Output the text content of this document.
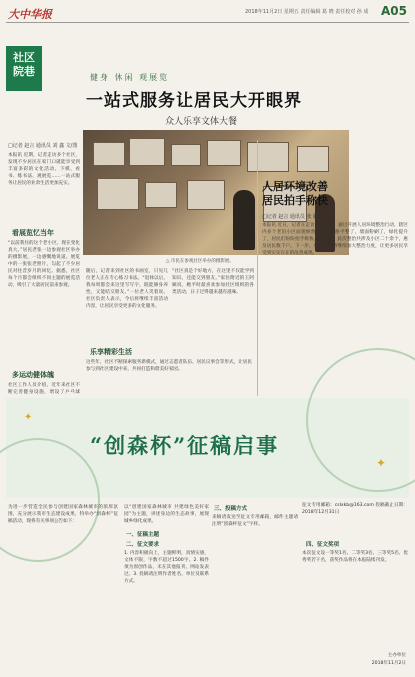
大中华报	2018年11月2日 星期五 责任编辑 葛 晓 责任校对 孙 成 A05
社区
院巷	健身 休闲 观展览
一站式服务让居民大开眼界
众人乐享文体大餐
□记者 赵言 通讯员 刘 鑫 文/图
本报讯 近期，记者走访多个社区，发现不少居民在家门口就能享受到丰富多彩的文化活动。下棋、看书、练书法、观展览……一站式服务让居民的业余生活更加充实。
看展览忆当年
“以前我住的这个老小区，现在变化真大。”居民老张一边参观社区举办的摄影展，一边感慨地说道。展览中的一张张老照片，勾起了不少居民对往昔岁月的回忆。据悉，社区每个月都会组织不同主题的展览活动，吸引了大量居民前来参观。
多运动健体魄
社区工作人员介绍，近年来社区不断完善健身设施，增设了乒乓球
△ 市民在参观社区举办的摄影展。
随后，记者来到社区的书画室，只见几位老人正在专心练习书法。“退休以后，我每周都会来这里写写字，既能修身养性，又能结交朋友。”一位老人笑着说。社区负责人表示，今后将继续丰富活动内容，让居民享受更多的文化服务。
乐享精彩生活
这些年，社区不断探索服务新模式，通过志愿者队伍、居民议事会等形式，让居民参与到社区建设中来，共同打造和谐美好家园。
“社区真是个好地方，在这里不仅能学到知识，还能交到朋友。”家住附近的王阿姨说，她平时最喜欢参加社区组织的各类活动，日子过得越来越有滋味。
人居环境改善
居民拍手称快
□记者 赵言 通讯员 张 鹏
本报讯 近日，记者在走访中了解到，通过开展人居环境整治行动，辖区内多个老旧小区面貌焕然一新。道路平整了，墙面粉刷了，绿化提升了，居民们纷纷拍手称快。据介绍，此次整治共涉及小区二十余个，惠及居民数千户。下一步，相关部门将继续加大整治力度，让更多居民享受到实实在在的改善成果。
✦
✦
“创森杯”征稿启事
为进一步营造全民参与创建国家森林城市的浓厚氛围，充分展示我市生态建设成果，特举办“创森杯”征稿活动，现将有关事项公告如下：
以“创建国家森林城市 共建绿色美好家园”为主题，讲述身边的生态故事，展现城乡绿化成果。
一、征稿主题
二、征文要求
1. 内容积极向上，主题鲜明，真情实感，文体不限，字数不超过1500字。2. 稿件须为原创作品，未在其他报刊、网站发表过。3. 投稿请注明作者姓名、单位及联系方式。
三、投稿方式
来稿请发送至征文专用邮箱，邮件主题请注明“创森杯征文”字样。
征文专用邮箱：cslxkb@163.com 投稿截止日期：2018年12月31日
四、征文奖项
本次征文设一等奖1名、二等奖3名、三等奖5名、优秀奖若干名，获奖作品将在本报陆续刊发。
主办单位
2018年11月2日
